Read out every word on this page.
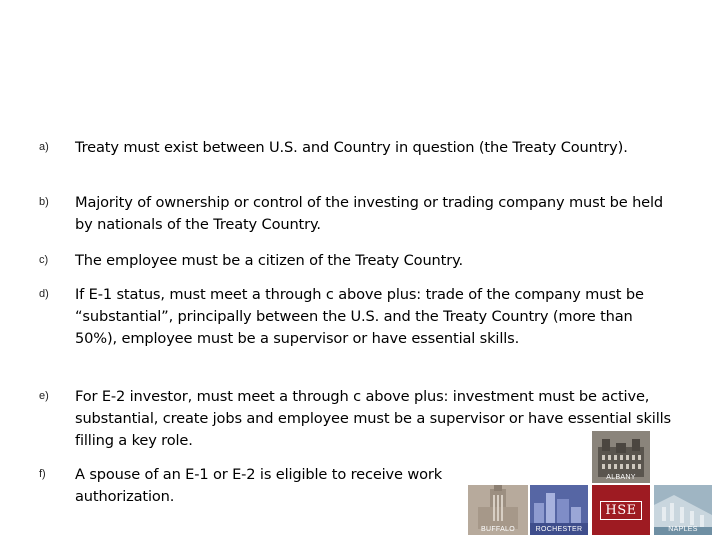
a) Treaty must exist between U.S. and Country in question (the Treaty Country).
b) Majority of ownership or control of the investing or trading company must be held by nationals of the Treaty Country.
c) The employee must be a citizen of the Treaty Country.
d) If E-1 status, must meet a through c above plus: trade of the company must be “substantial”, principally between the U.S. and the Treaty Country (more than 50%), employee must be a supervisor or have essential skills.
e) For E-2 investor, must meet a through c above plus: investment must be active, substantial, create jobs and employee must be a supervisor or have essential skills filling a key role.
f) A spouse of an E-1 or E-2 is eligible to receive work authorization.
ALBANY
BUFFALO	ROCHESTER
HSE
NAPLES
